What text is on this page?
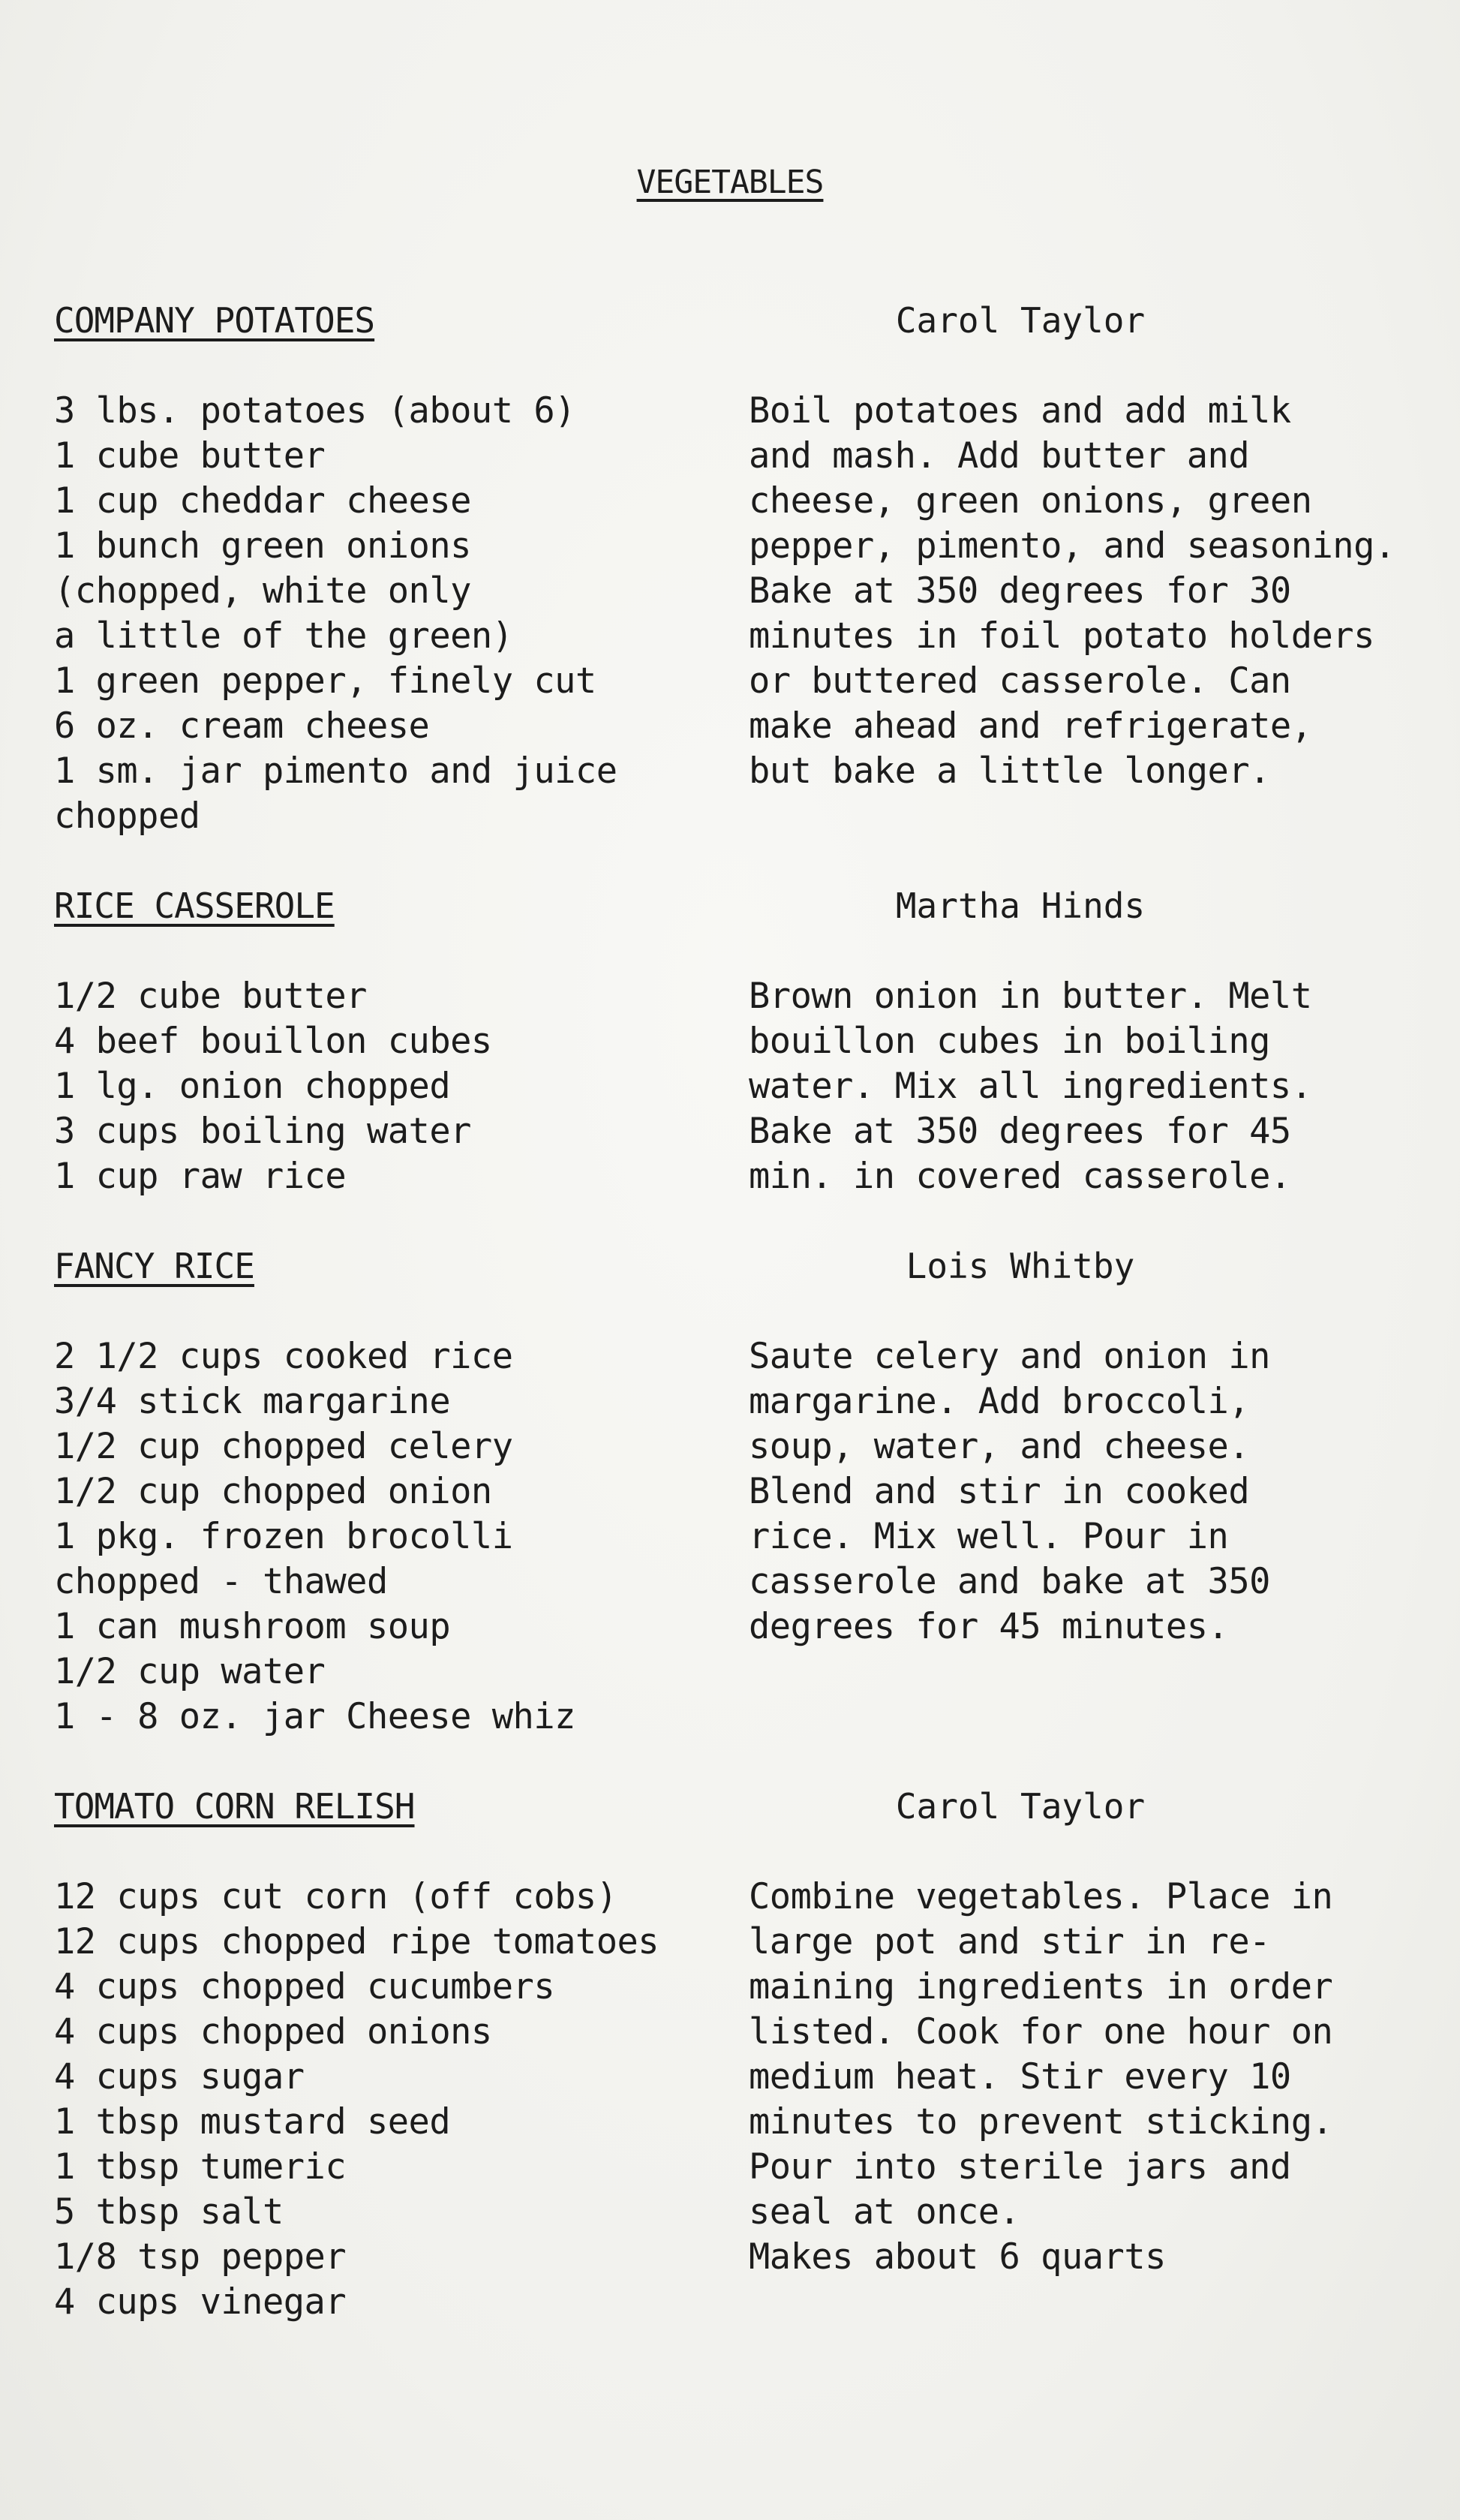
VEGETABLES
COMPANY POTATOES	Carol Taylor
3 lbs. potatoes (about 6)
1 cube butter
1 cup cheddar cheese
1 bunch green onions
(chopped, white only
a little of the green)
1 green pepper, finely cut
6 oz. cream cheese
1 sm. jar pimento and juice
chopped
Boil potatoes and add milk
and mash. Add butter and
cheese, green onions, green
pepper, pimento, and seasoning.
Bake at 350 degrees for 30
minutes in foil potato holders
or buttered casserole. Can
make ahead and refrigerate,
but bake a little longer.
RICE CASSEROLE	Martha Hinds
1/2 cube butter
4 beef bouillon cubes
1 lg. onion chopped
3 cups boiling water
1 cup raw rice
Brown onion in butter. Melt
bouillon cubes in boiling
water. Mix all ingredients.
Bake at 350 degrees for 45
min. in covered casserole.
FANCY RICE	Lois Whitby
2 1/2 cups cooked rice
3/4 stick margarine
1/2 cup chopped celery
1/2 cup chopped onion
1 pkg. frozen brocolli
chopped - thawed
1 can mushroom soup
1/2 cup water
1 - 8 oz. jar Cheese whiz
Saute celery and onion in
margarine. Add broccoli,
soup, water, and cheese.
Blend and stir in cooked
rice. Mix well. Pour in
casserole and bake at 350
degrees for 45 minutes.
TOMATO CORN RELISH	Carol Taylor
12 cups cut corn (off cobs)
12 cups chopped ripe tomatoes
4 cups chopped cucumbers
4 cups chopped onions
4 cups sugar
1 tbsp mustard seed
1 tbsp tumeric
5 tbsp salt
1/8 tsp pepper
4 cups vinegar
Combine vegetables. Place in
large pot and stir in re-
maining ingredients in order
listed. Cook for one hour on
medium heat. Stir every 10
minutes to prevent sticking.
Pour into sterile jars and
seal at once.
Makes about 6 quarts
